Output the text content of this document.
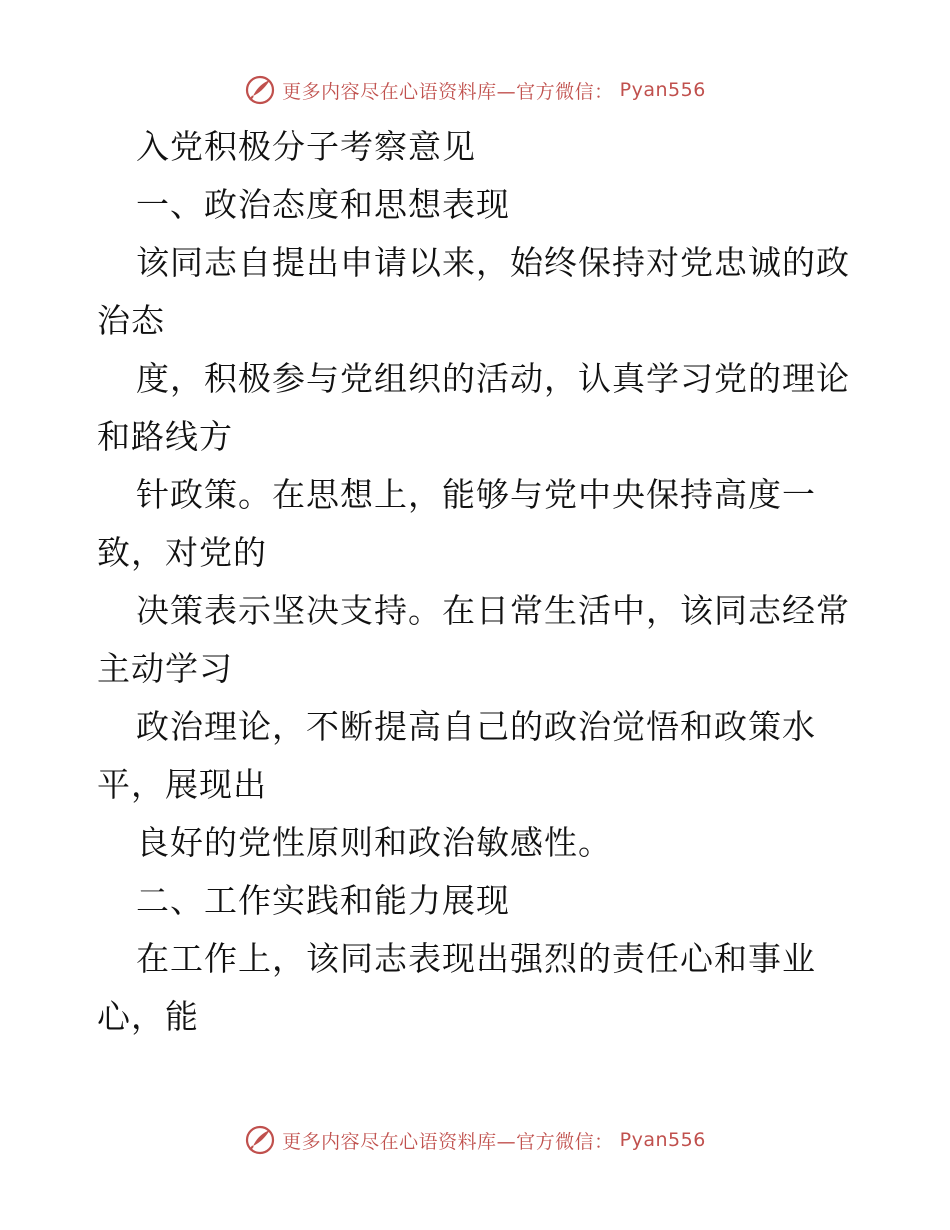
更多内容尽在心语资料库—官方微信： Pyan556
入党积极分子考察意见
一、政治态度和思想表现
该同志自提出申请以来，始终保持对党忠诚的政
治态
度，积极参与党组织的活动，认真学习党的理论
和路线方
针政策。在思想上，能够与党中央保持高度一
致，对党的
决策表示坚决支持。在日常生活中，该同志经常
主动学习
政治理论，不断提高自己的政治觉悟和政策水
平，展现出
良好的党性原则和政治敏感性。
二、工作实践和能力展现
在工作上，该同志表现出强烈的责任心和事业
心，能
更多内容尽在心语资料库—官方微信： Pyan556
